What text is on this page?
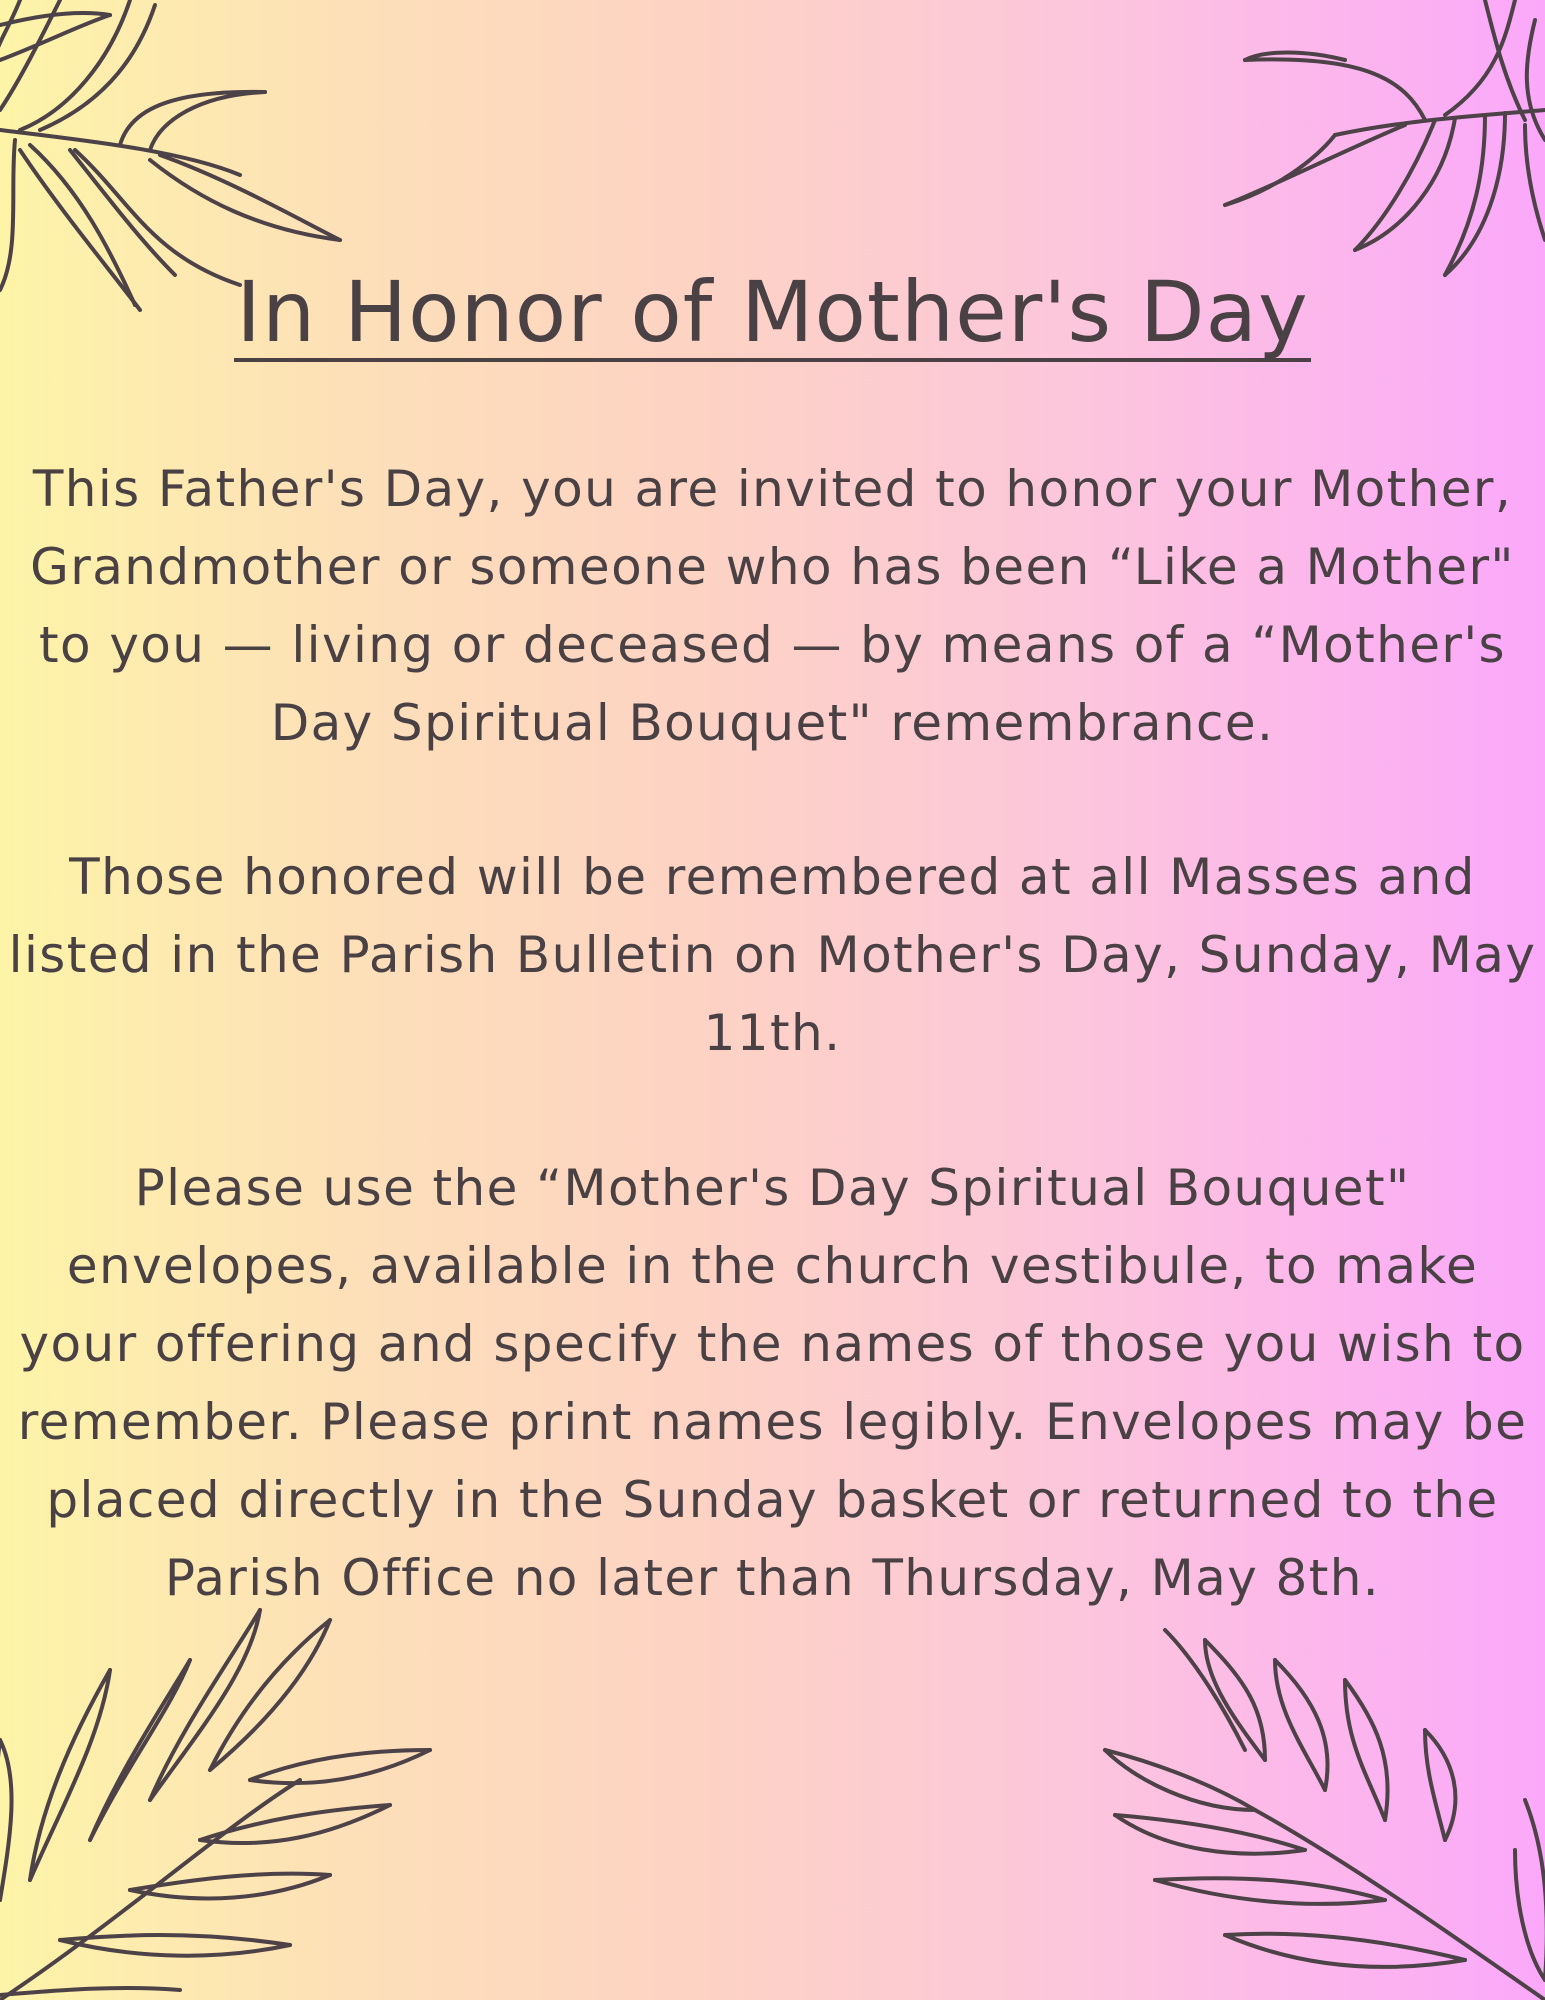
In Honor of Mother's Day

This Father's Day, you are invited to honor your Mother, Grandmother or someone who has been “Like a Mother" to you — living or deceased — by means of a “Mother's Day Spiritual Bouquet" remembrance.

Those honored will be remembered at all Masses and listed in the Parish Bulletin on Mother's Day, Sunday, May 11th.

Please use the “Mother's Day Spiritual Bouquet" envelopes, available in the church vestibule, to make your offering and specify the names of those you wish to remember. Please print names legibly. Envelopes may be placed directly in the Sunday basket or returned to the Parish Office no later than Thursday, May 8th.
